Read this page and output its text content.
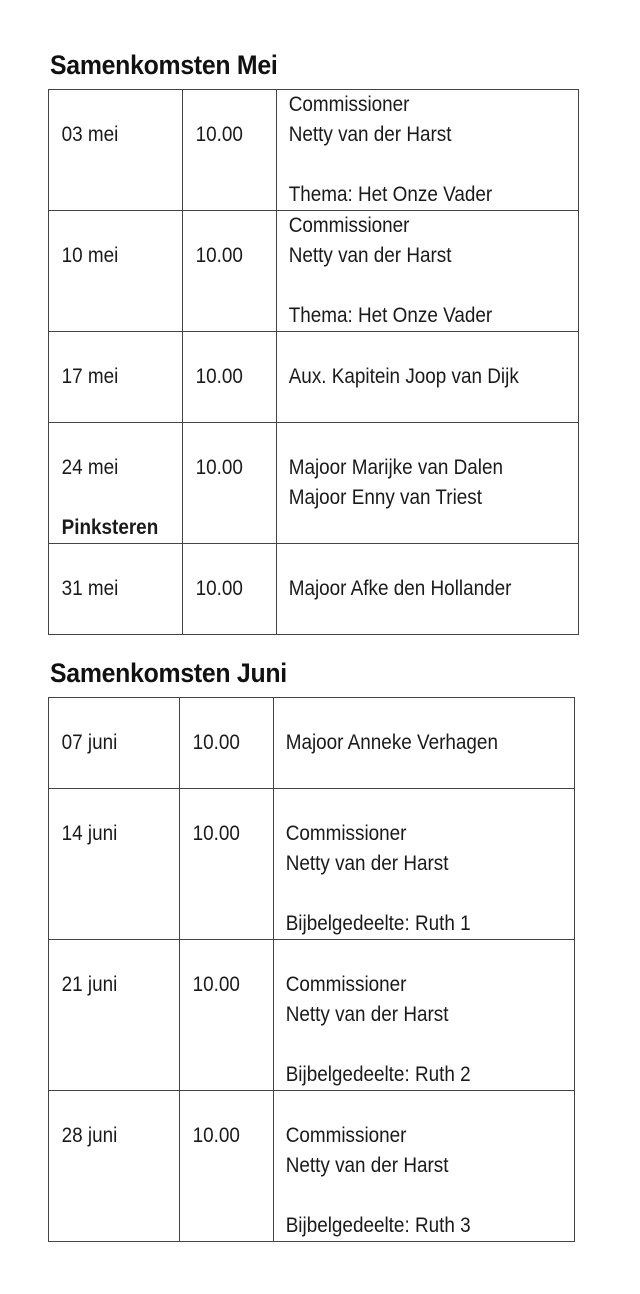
Samenkomsten Mei
03 mei	10.00	Commissioner
Netty van der Harst
Thema: Het Onze Vader

10 mei	10.00	Commissioner
Netty van der Harst
Thema: Het Onze Vader

17 mei	10.00	Aux. Kapitein Joop van Dijk

24 mei
Pinksteren	10.00	Majoor Marijke van Dalen
Majoor Enny van Triest

31 mei	10.00	Majoor Afke den Hollander
Samenkomsten Juni
07 juni	10.00	Majoor Anneke Verhagen

14 juni	10.00	Commissioner
Netty van der Harst
Bijbelgedeelte: Ruth 1

21 juni	10.00	Commissioner
Netty van der Harst
Bijbelgedeelte: Ruth 2

28 juni	10.00	Commissioner
Netty van der Harst
Bijbelgedeelte: Ruth 3
